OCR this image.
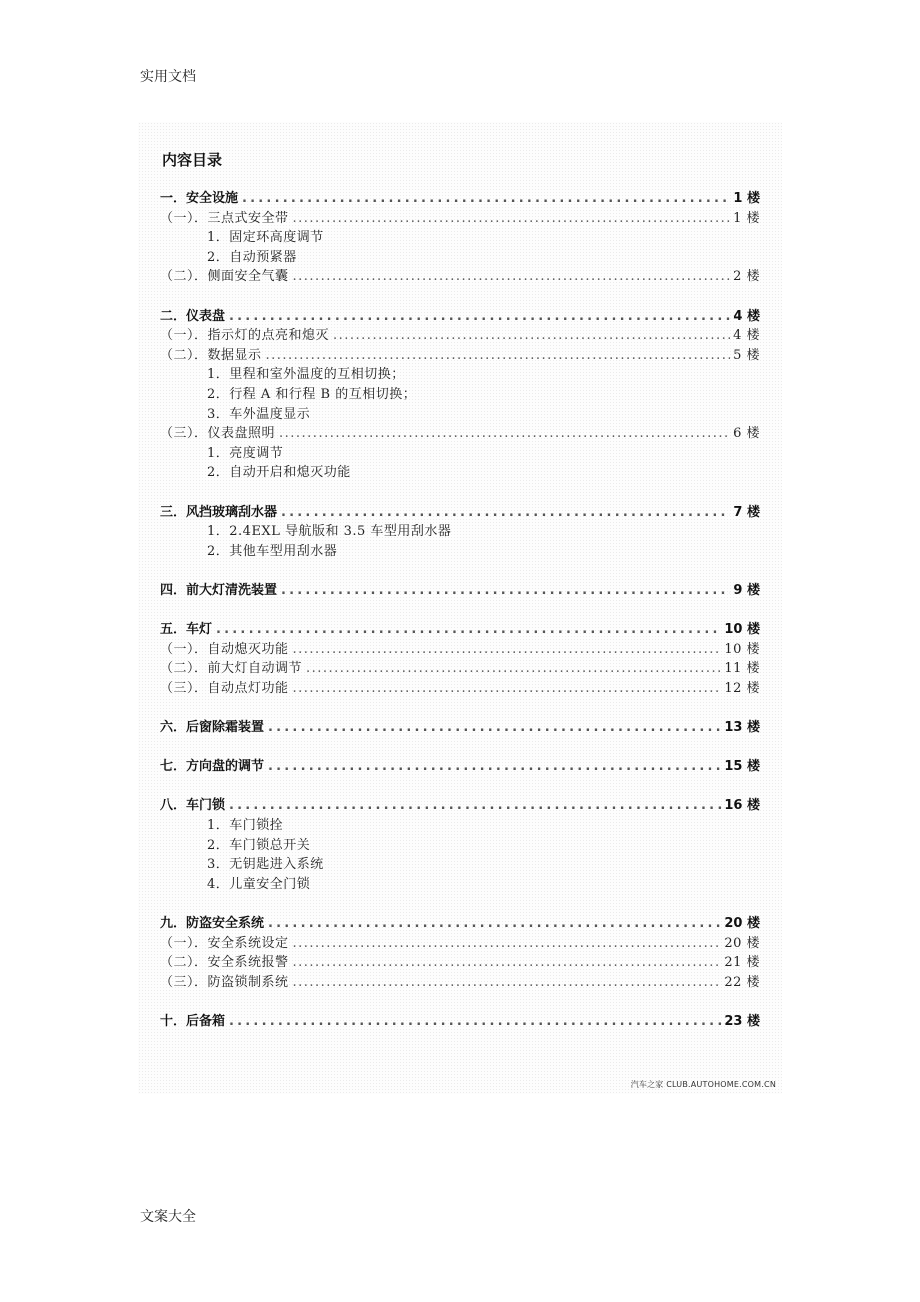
实用文档
内容目录
一．安全设施 .....	1 楼
（一）．三点式安全带 .....	1 楼
1．固定环高度调节
2．自动预紧器
（二）．侧面安全气囊 .....	2 楼
二．仪表盘 .....	4 楼
（一）．指示灯的点亮和熄灭 .....	4 楼
（二）．数据显示 .....	5 楼
1．里程和室外温度的互相切换；
2．行程 A 和行程 B 的互相切换；
3．车外温度显示
（三）．仪表盘照明 .....	6 楼
1．亮度调节
2．自动开启和熄灭功能
三．风挡玻璃刮水器 .....	7 楼
1．2.4EXL 导航版和 3.5 车型用刮水器
2．其他车型用刮水器
四．前大灯清洗装置 .....	9 楼
五．车灯 .....	10 楼
（一）．自动熄灭功能 .....	10 楼
（二）．前大灯自动调节 .....	11 楼
（三）．自动点灯功能 .....	12 楼
六．后窗除霜装置 .....	13 楼
七．方向盘的调节 .....	15 楼
八．车门锁 .....	16 楼
1．车门锁拴
2．车门锁总开关
3．无钥匙进入系统
4．儿童安全门锁
九．防盗安全系统 .....	20 楼
（一）．安全系统设定 .....	20 楼
（二）．安全系统报警 .....	21 楼
（三）．防盗锁制系统 .....	22 楼
十．后备箱 .....	23 楼
汽车之家 CLUB.AUTOHOME.COM.CN
文案大全
